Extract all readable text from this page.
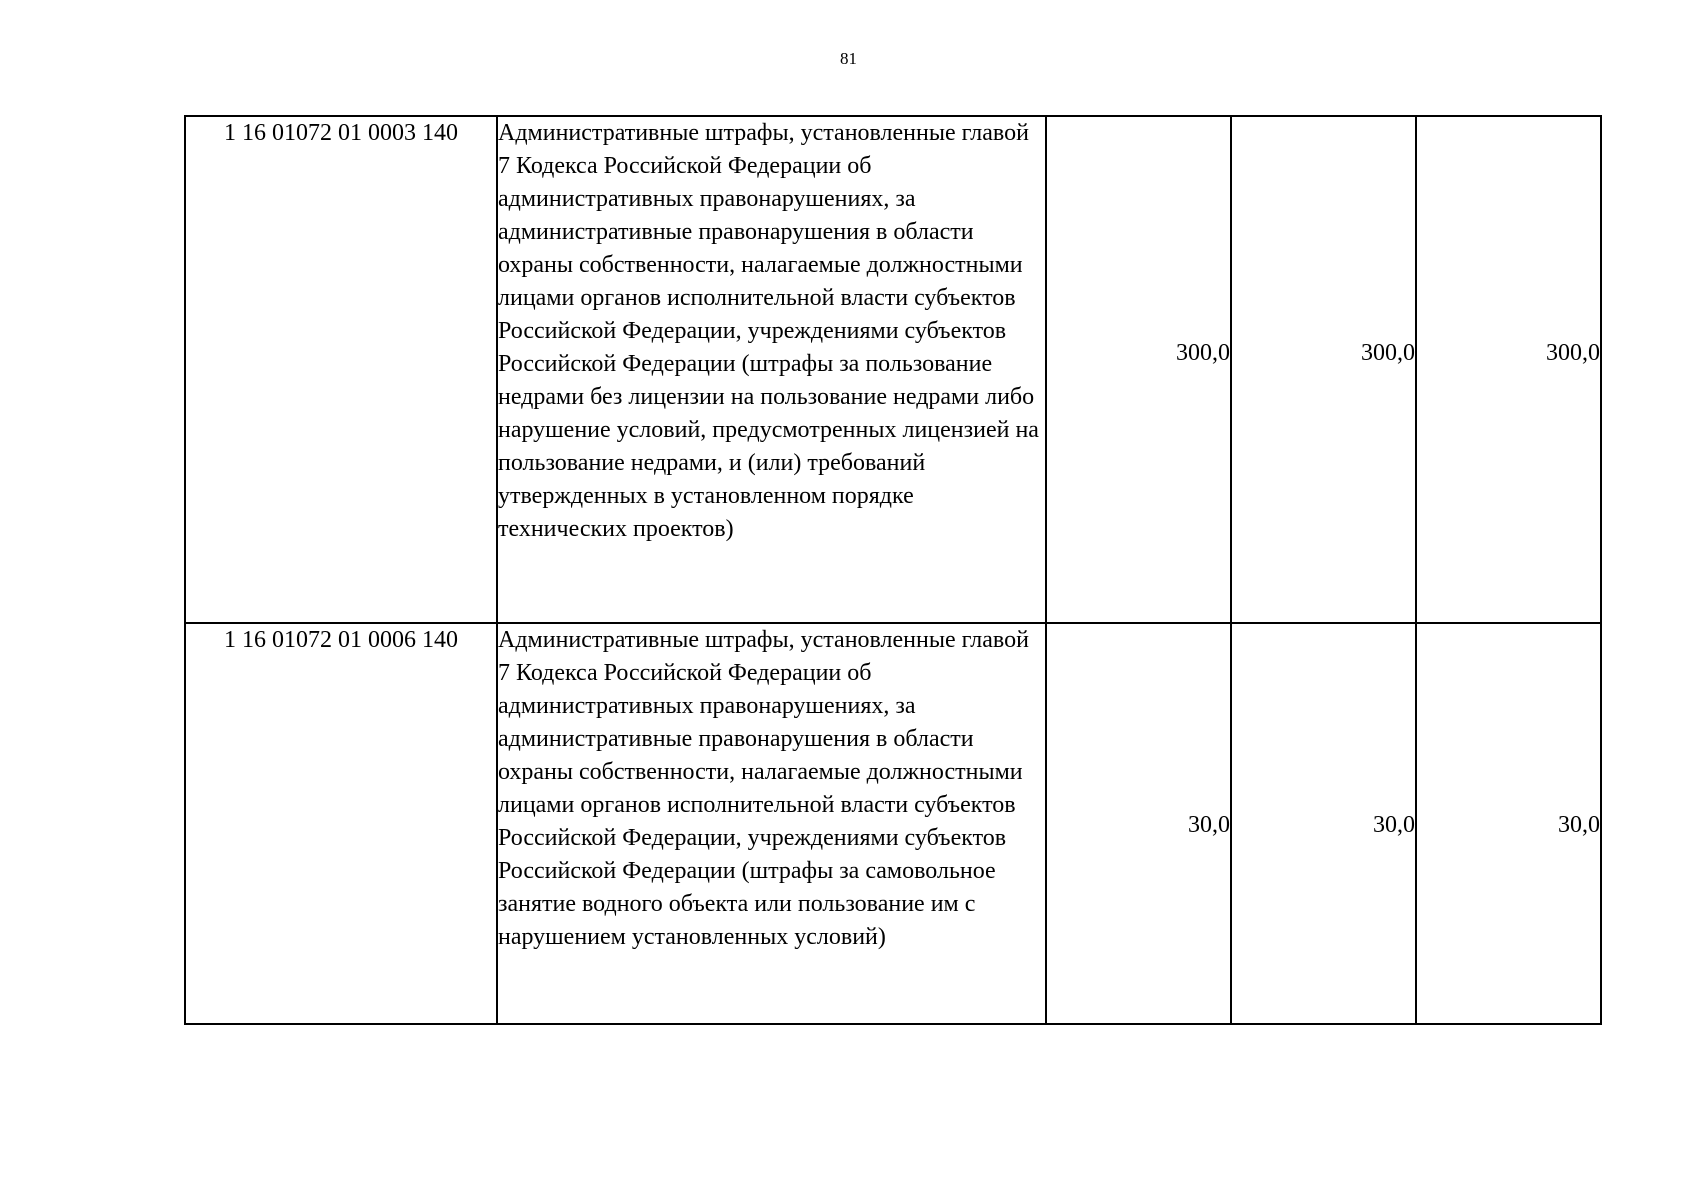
81
1 16 01072 01 0003 140	Административные штрафы, установленные главой 7 Кодекса Российской Федерации об административных правонарушениях, за административные правонарушения в области охраны собственности, налагаемые должностными лицами органов исполнительной власти субъектов Российской Федерации, учреждениями субъектов Российской Федерации (штрафы за пользование недрами без лицензии на пользование недрами либо нарушение условий, предусмотренных лицензией на пользование недрами, и (или) требований утвержденных в установленном порядке технических проектов)	300,0	300,0	300,0
1 16 01072 01 0006 140	Административные штрафы, установленные главой 7 Кодекса Российской Федерации об административных правонарушениях, за административные правонарушения в области охраны собственности, налагаемые должностными лицами органов исполнительной власти субъектов Российской Федерации, учреждениями субъектов Российской Федерации (штрафы за самовольное занятие водного объекта или пользование им с нарушением установленных условий)	30,0	30,0	30,0
